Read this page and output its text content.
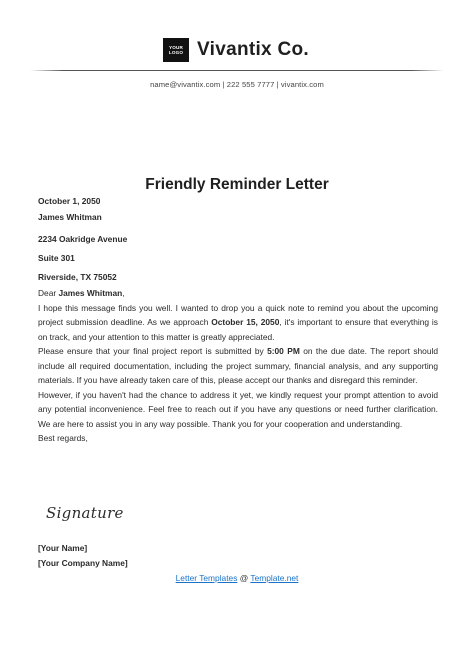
YOUR
LOGO Vivantix Co.
name@vivantix.com | 222 555 7777 | vivantix.com
Friendly Reminder Letter
October 1, 2050
James Whitman
2234 Oakridge Avenue
Suite 301
Riverside, TX 75052
Dear James Whitman,
I hope this message finds you well. I wanted to drop you a quick note to remind you about the upcoming project submission deadline. As we approach October 15, 2050, it's important to ensure that everything is on track, and your attention to this matter is greatly appreciated.
Please ensure that your final project report is submitted by 5:00 PM on the due date. The report should include all required documentation, including the project summary, financial analysis, and any supporting materials. If you have already taken care of this, please accept our thanks and disregard this reminder.
However, if you haven't had the chance to address it yet, we kindly request your prompt attention to avoid any potential inconvenience. Feel free to reach out if you have any questions or need further clarification. We are here to assist you in any way possible. Thank you for your cooperation and understanding.
Best regards,
Signature
[Your Name]
[Your Company Name]
Letter Templates @ Template.net
